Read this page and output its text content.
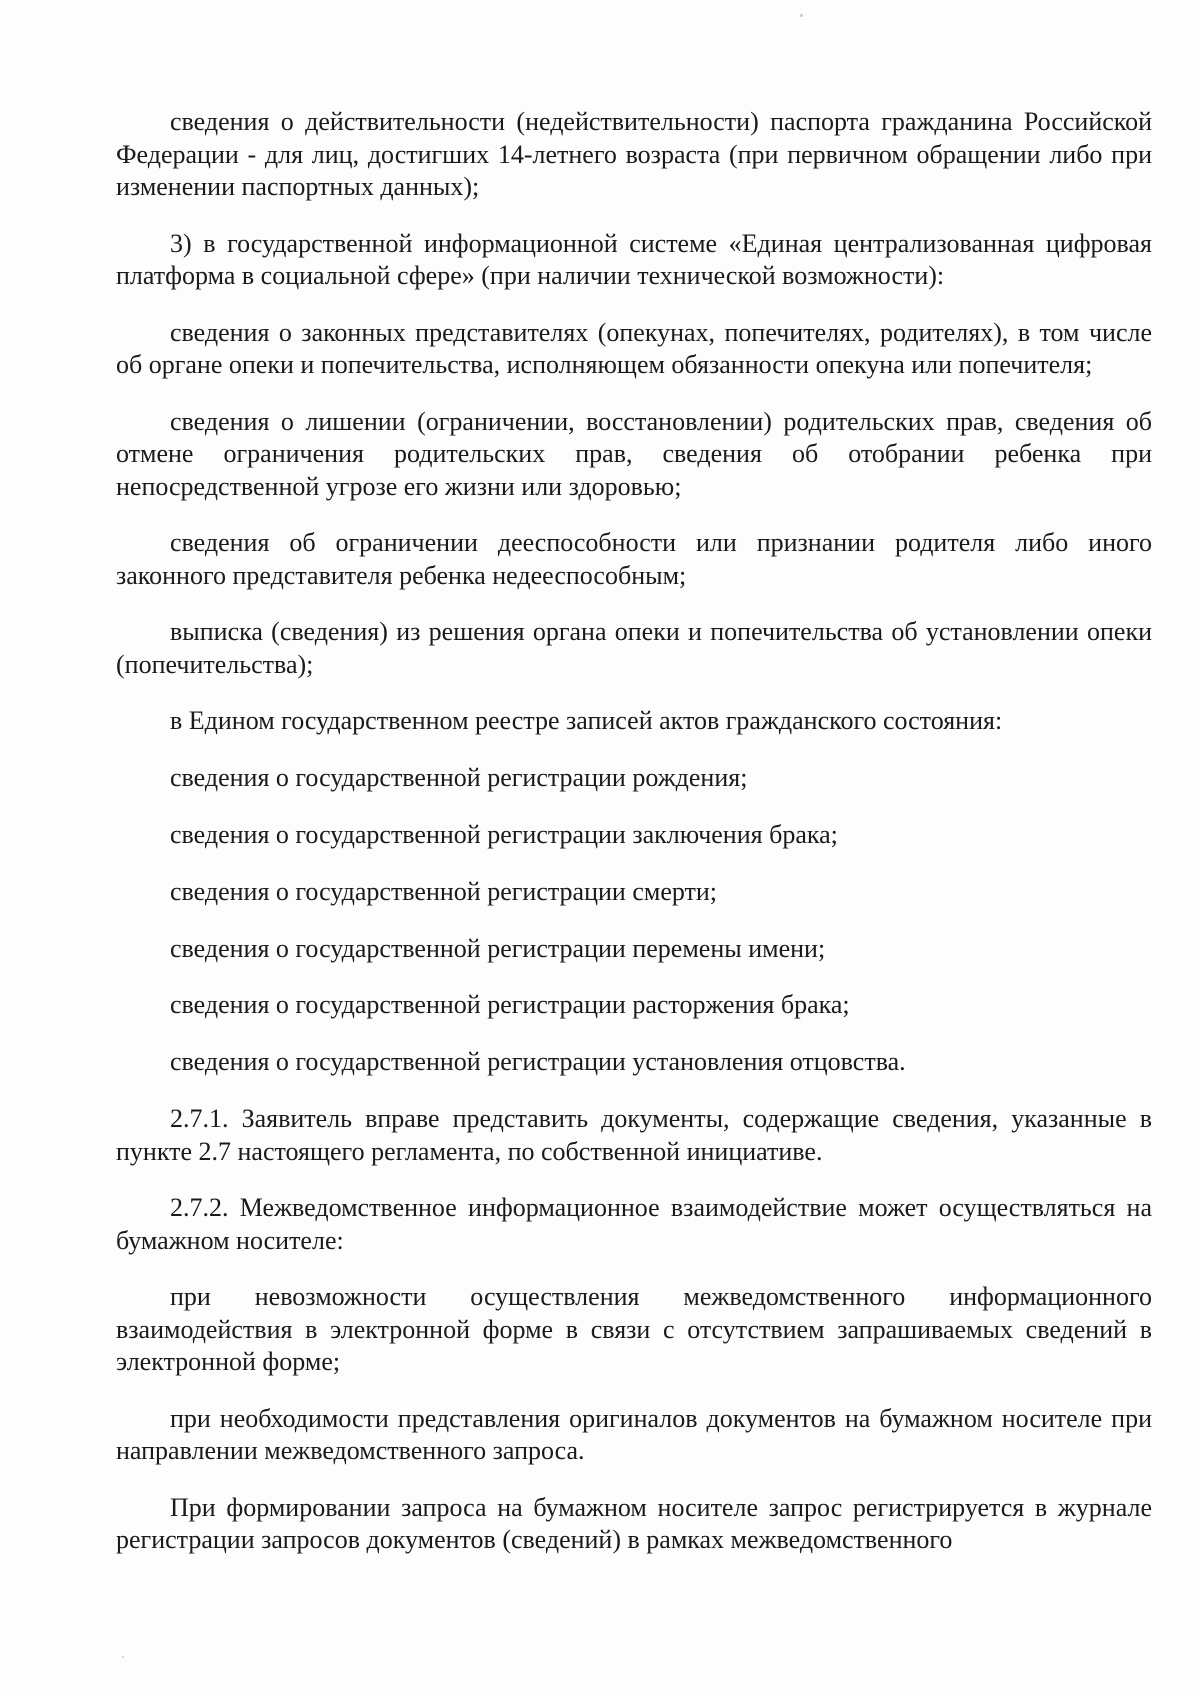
сведения о действительности (недействительности) паспорта гражданина Российской Федерации - для лиц, достигших 14-летнего возраста (при первичном обращении либо при изменении паспортных данных);

3) в государственной информационной системе «Единая централизованная цифровая платформа в социальной сфере» (при наличии технической возможности):

сведения о законных представителях (опекунах, попечителях, родителях), в том числе об органе опеки и попечительства, исполняющем обязанности опекуна или попечителя;

сведения о лишении (ограничении, восстановлении) родительских прав, сведения об отмене ограничения родительских прав, сведения об отобрании ребенка при непосредственной угрозе его жизни или здоровью;

сведения об ограничении дееспособности или признании родителя либо иного законного представителя ребенка недееспособным;

выписка (сведения) из решения органа опеки и попечительства об установлении опеки (попечительства);

в Едином государственном реестре записей актов гражданского состояния:

сведения о государственной регистрации рождения;

сведения о государственной регистрации заключения брака;

сведения о государственной регистрации смерти;

сведения о государственной регистрации перемены имени;

сведения о государственной регистрации расторжения брака;

сведения о государственной регистрации установления отцовства.

2.7.1. Заявитель вправе представить документы, содержащие сведения, указанные в пункте 2.7 настоящего регламента, по собственной инициативе.

2.7.2. Межведомственное информационное взаимодействие может осуществляться на бумажном носителе:

при невозможности осуществления межведомственного информационного взаимодействия в электронной форме в связи с отсутствием запрашиваемых сведений в электронной форме;

при необходимости представления оригиналов документов на бумажном носителе при направлении межведомственного запроса.

При формировании запроса на бумажном носителе запрос регистрируется в журнале регистрации запросов документов (сведений) в рамках межведомственного
